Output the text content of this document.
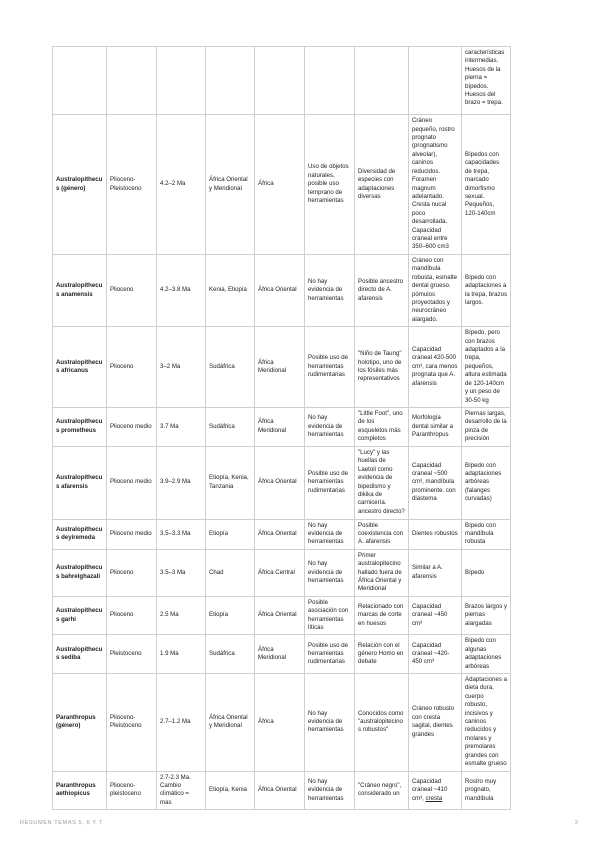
								características intermedias. Huesos de la pierna = bípedos. Huesos del brazo = trepa.
Australopithecus (género)	Plioceno-Pleistoceno	4.2–2 Ma	África Oriental y Meridional	África	Uso de objetos naturales, posible uso temprano de herramientas	Diversidad de especies con adaptaciones diversas	Cráneo pequeño, rostro prognato (prognatismo alveolar), caninos reducidos. Foramen magnum adelantado. Cresta nucal poco desarrollada. Capacidad craneal entre 350–600 cm3	Bípedos con capacidades de trepa, marcado dimorfismo sexual. Pequeños, 120-140cm
Australopithecus anamensis	Plioceno	4.2–3.8 Ma	Kenia, Etiopía	África Oriental	No hay evidencia de herramientas	Posible ancestro directo de A. afarensis	Cráneo con mandíbula robusta, esmalte dental grueso. pómulos proyectados y neurocráneo alargado.	Bípedo con adaptaciones a la trepa, brazos largos.
Australopithecus africanus	Plioceno	3–2 Ma	Sudáfrica	África Meridional	Posible uso de herramientas rudimentarias	"Niño de Taung" holotipo, uno de los fósiles más representativos	Capacidad craneal 420-500 cm³, cara menos prognata que A. afarensis	Bípedo, pero con brazos adaptados a la trepa, pequeños, altura estimada de 120-140cm y un peso de 30-50 kg
Australopithecus prometheus	Plioceno medio	3.7 Ma	Sudáfrica	África Meridional	No hay evidencia de herramientas	"Little Foot", uno de los esqueletos más completos	Morfología dental similar a Paranthropus	Piernas largas, desarrollo de la pinza de precisión
Australopithecus afarensis	Plioceno medio	3.9–2.9 Ma	Etiopía, Kenia, Tanzania	África Oriental	Posible uso de herramientas rudimentarias	"Lucy" y las huellas de Laetoli como evidencia de bipedismo y dikika de carnicería. ancestro directo?	Capacidad craneal ~500 cm³, mandíbula prominente. con diastema	Bípedo con adaptaciones arbóreas (falanges curvadas)
Australopithecus deyiremeda	Plioceno medio	3.5–3.3 Ma	Etiopía	África Oriental	No hay evidencia de herramientas	Posible coexistencia con A. afarensis	Dientes robustos	Bípedo con mandíbula robusta
Australopithecus bahrelghazali	Plioceno	3.5–3 Ma	Chad	África Central	No hay evidencia de herramientas	Primer australopitecino hallado fuera de África Oriental y Meridional	Similar a A. afarensis	Bípedo
Australopithecus garhi	Plioceno	2.5 Ma	Etiopía	África Oriental	Posible asociación con herramientas líticas	Relacionado con marcas de corte en huesos	Capacidad craneal ~450 cm³	Brazos largos y piernas alargadas
Australopithecus sediba	Pleistoceno	1.9 Ma	Sudáfrica	África Meridional	Posible uso de herramientas rudimentarias	Relación con el género Homo en debate	Capacidad craneal ~420-450 cm³	Bípedo con algunas adaptaciones arbóreas
Paranthropus (género)	Plioceno-Pleistoceno	2.7–1.2 Ma	África Oriental y Meridional	África	No hay evidencia de herramientas	Conocidos como "australopitecinos robustos"	Cráneo robusto con cresta sagital, dientes grandes	Adaptaciones a dieta dura, cuerpo robusto, incisivos y caninos reducidos y molares y premolares grandes con esmalte grueso
Paranthropus aethiopicus	Plioceno-pleistoceno	2.7-2.3 Ma. Cambio climático = mas	Etiopía, Kenia	África Oriental	No hay evidencia de herramientas	"Cráneo negro", considerado un	Capacidad craneal ~410 cm³, cresta	Rostro muy prognato, mandíbula
RESUMEN TEMAS 5, 6 Y 7	2
